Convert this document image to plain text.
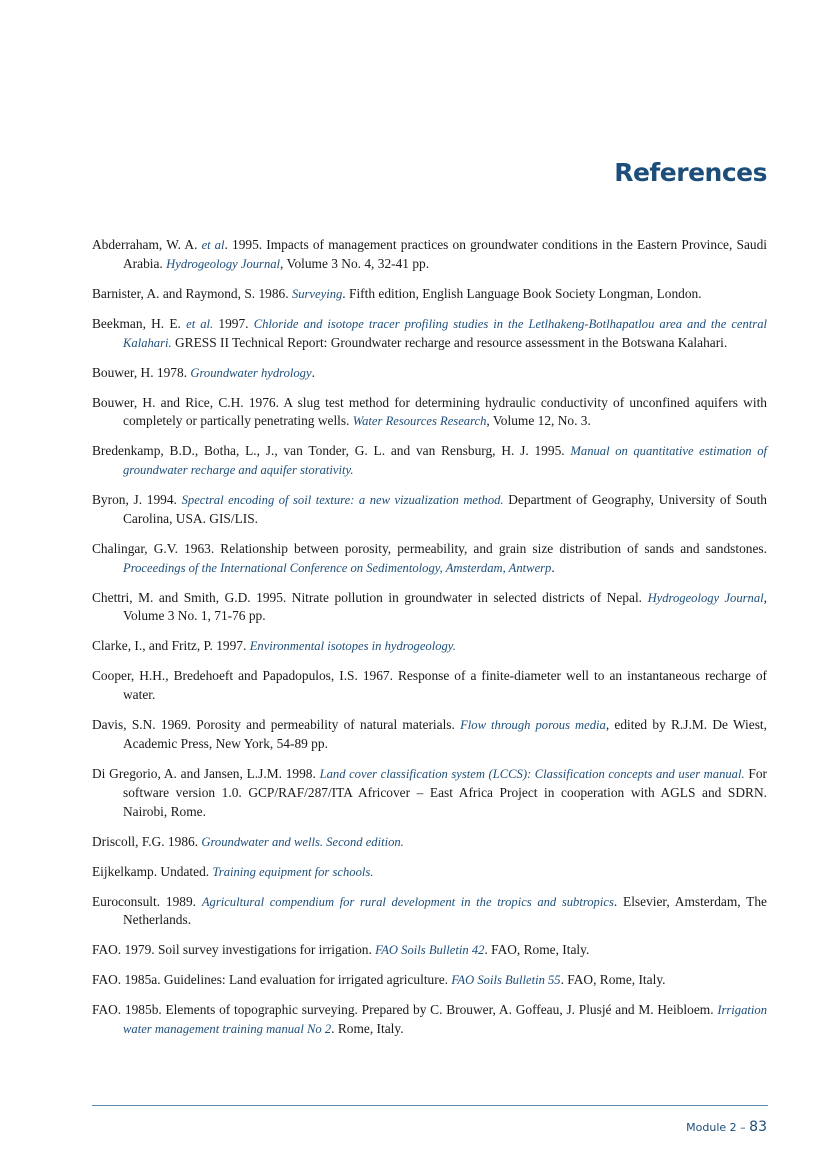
References
Abderraham, W. A. et al. 1995. Impacts of management practices on groundwater conditions in the Eastern Province, Saudi Arabia. Hydrogeology Journal, Volume 3 No. 4, 32-41 pp.
Barnister, A. and Raymond, S. 1986. Surveying. Fifth edition, English Language Book Society Longman, London.
Beekman, H. E. et al. 1997. Chloride and isotope tracer profiling studies in the Letlhakeng-Botlhapatlou area and the central Kalahari. GRESS II Technical Report: Groundwater recharge and resource assessment in the Botswana Kalahari.
Bouwer, H. 1978. Groundwater hydrology.
Bouwer, H. and Rice, C.H. 1976. A slug test method for determining hydraulic conductivity of unconfined aquifers with completely or partically penetrating wells. Water Resources Research, Volume 12, No. 3.
Bredenkamp, B.D., Botha, L., J., van Tonder, G. L. and van Rensburg, H. J. 1995. Manual on quantitative estimation of groundwater recharge and aquifer storativity.
Byron, J. 1994. Spectral encoding of soil texture: a new vizualization method. Department of Geography, University of South Carolina, USA. GIS/LIS.
Chalingar, G.V. 1963. Relationship between porosity, permeability, and grain size distribution of sands and sandstones. Proceedings of the International Conference on Sedimentology, Amsterdam, Antwerp.
Chettri, M. and Smith, G.D. 1995. Nitrate pollution in groundwater in selected districts of Nepal. Hydrogeology Journal, Volume 3 No. 1, 71-76 pp.
Clarke, I., and Fritz, P. 1997. Environmental isotopes in hydrogeology.
Cooper, H.H., Bredehoeft and Papadopulos, I.S. 1967. Response of a finite-diameter well to an instantaneous recharge of water.
Davis, S.N. 1969. Porosity and permeability of natural materials. Flow through porous media, edited by R.J.M. De Wiest, Academic Press, New York, 54-89 pp.
Di Gregorio, A. and Jansen, L.J.M. 1998. Land cover classification system (LCCS): Classification concepts and user manual. For software version 1.0. GCP/RAF/287/ITA Africover – East Africa Project in cooperation with AGLS and SDRN. Nairobi, Rome.
Driscoll, F.G. 1986. Groundwater and wells. Second edition.
Eijkelkamp. Undated. Training equipment for schools.
Euroconsult. 1989. Agricultural compendium for rural development in the tropics and subtropics. Elsevier, Amsterdam, The Netherlands.
FAO. 1979. Soil survey investigations for irrigation. FAO Soils Bulletin 42. FAO, Rome, Italy.
FAO. 1985a. Guidelines: Land evaluation for irrigated agriculture. FAO Soils Bulletin 55. FAO, Rome, Italy.
FAO. 1985b. Elements of topographic surveying. Prepared by C. Brouwer, A. Goffeau, J. Plusjé and M. Heibloem. Irrigation water management training manual No 2. Rome, Italy.
Module 2 – 83
